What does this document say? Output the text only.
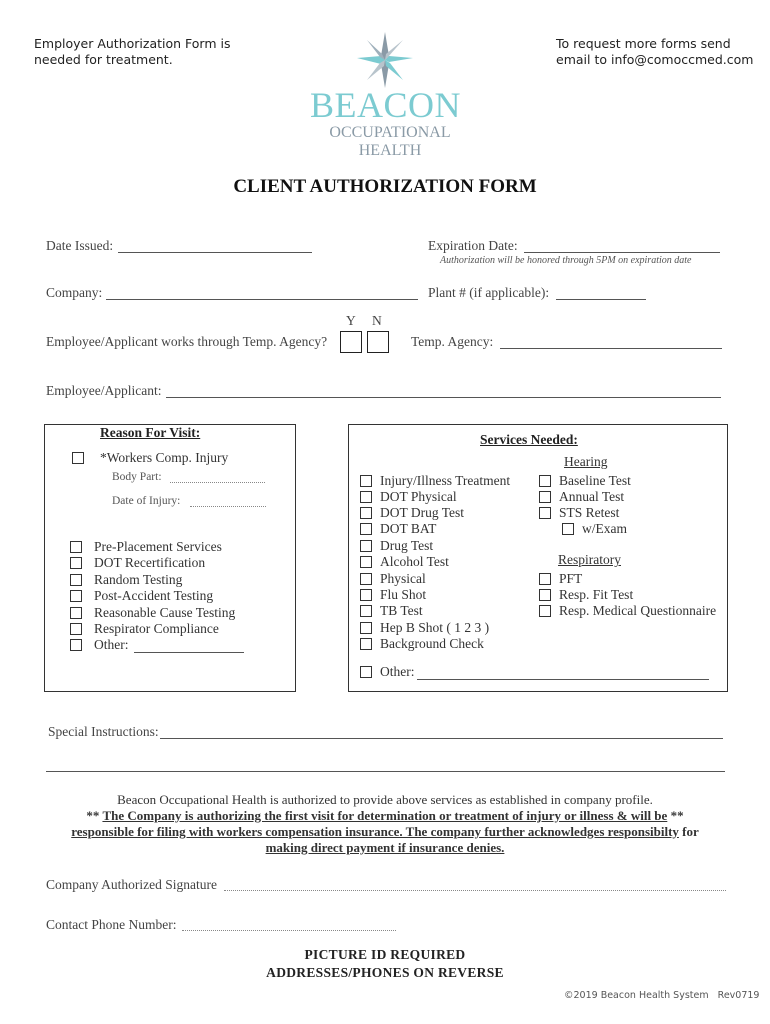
Employer Authorization Form is
needed for treatment.
To request more forms send
email to info@comoccmed.com
BEACON
OCCUPATIONAL
HEALTH
CLIENT AUTHORIZATION FORM
Date Issued:	Expiration Date:
Authorization will be honored through 5PM on expiration date
Company:	Plant # (if applicable):
Y N
Employee/Applicant works through Temp. Agency?	Temp. Agency:
Employee/Applicant:
Reason For Visit:
*Workers Comp. Injury
Body Part:
Date of Injury:
Pre-Placement Services
DOT Recertification
Random Testing
Post-Accident Testing
Reasonable Cause Testing
Respirator Compliance
Other:
Services Needed:
Injury/Illness Treatment
DOT Physical
DOT Drug Test
DOT BAT
Drug Test
Alcohol Test
Physical
Flu Shot
TB Test
Hep B Shot ( 1 2 3 )
Background Check
Hearing
Baseline Test
Annual Test
STS Retest
w/Exam
Respiratory
PFT
Resp. Fit Test
Resp. Medical Questionnaire
Other:
Special Instructions:
Beacon Occupational Health is authorized to provide above services as established in company profile.
** The Company is authorizing the first visit for determination or treatment of injury or illness & will be **
responsible for filing with workers compensation insurance. The company further acknowledges responsibilty for
making direct payment if insurance denies.
Company Authorized Signature
Contact Phone Number:
PICTURE ID REQUIRED
ADDRESSES/PHONES ON REVERSE
©2019 Beacon Health System Rev0719
